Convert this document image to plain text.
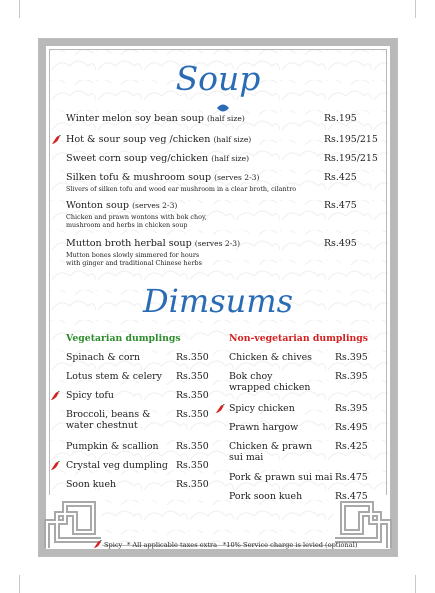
Soup
Winter melon soy bean soup (half size)	Rs.195
Hot & sour soup veg /chicken (half size)	Rs.195/215
Sweet corn soup veg/chicken (half size)	Rs.195/215
Silken tofu & mushroom soup (serves 2-3)
Slivers of silken tofu and wood ear mushroom in a clear broth, cilantro
Rs.425
Wonton soup (serves 2-3)
Chicken and prawn wontons with bok choy,
mushroom and herbs in chicken soup
Rs.475
Mutton broth herbal soup (serves 2-3)
Mutton bones slowly simmered for hours
with ginger and traditional Chinese herbs
Rs.495
Dimsums
Vegetarian dumplings	Non-vegetarian dumplings
Spinach & corn	Rs.350
Lotus stem & celery Rs.350
Spicy tofu	Rs.350
Broccoli, beans &
water chestnut
Rs.350
Pumpkin & scallion Rs.350
Crystal veg dumpling Rs.350
Soon kueh	Rs.350
Chicken & chives Rs.395
Bok choy
wrapped chicken
Rs.395
Spicy chicken	Rs.395
Prawn hargow	Rs.495
Chicken & prawn
sui mai
Rs.425
Pork & prawn sui mai Rs.475
Pork soon kueh	Rs.475
Spicy * All applicable taxes extra *10% Service charge is levied (optional)
